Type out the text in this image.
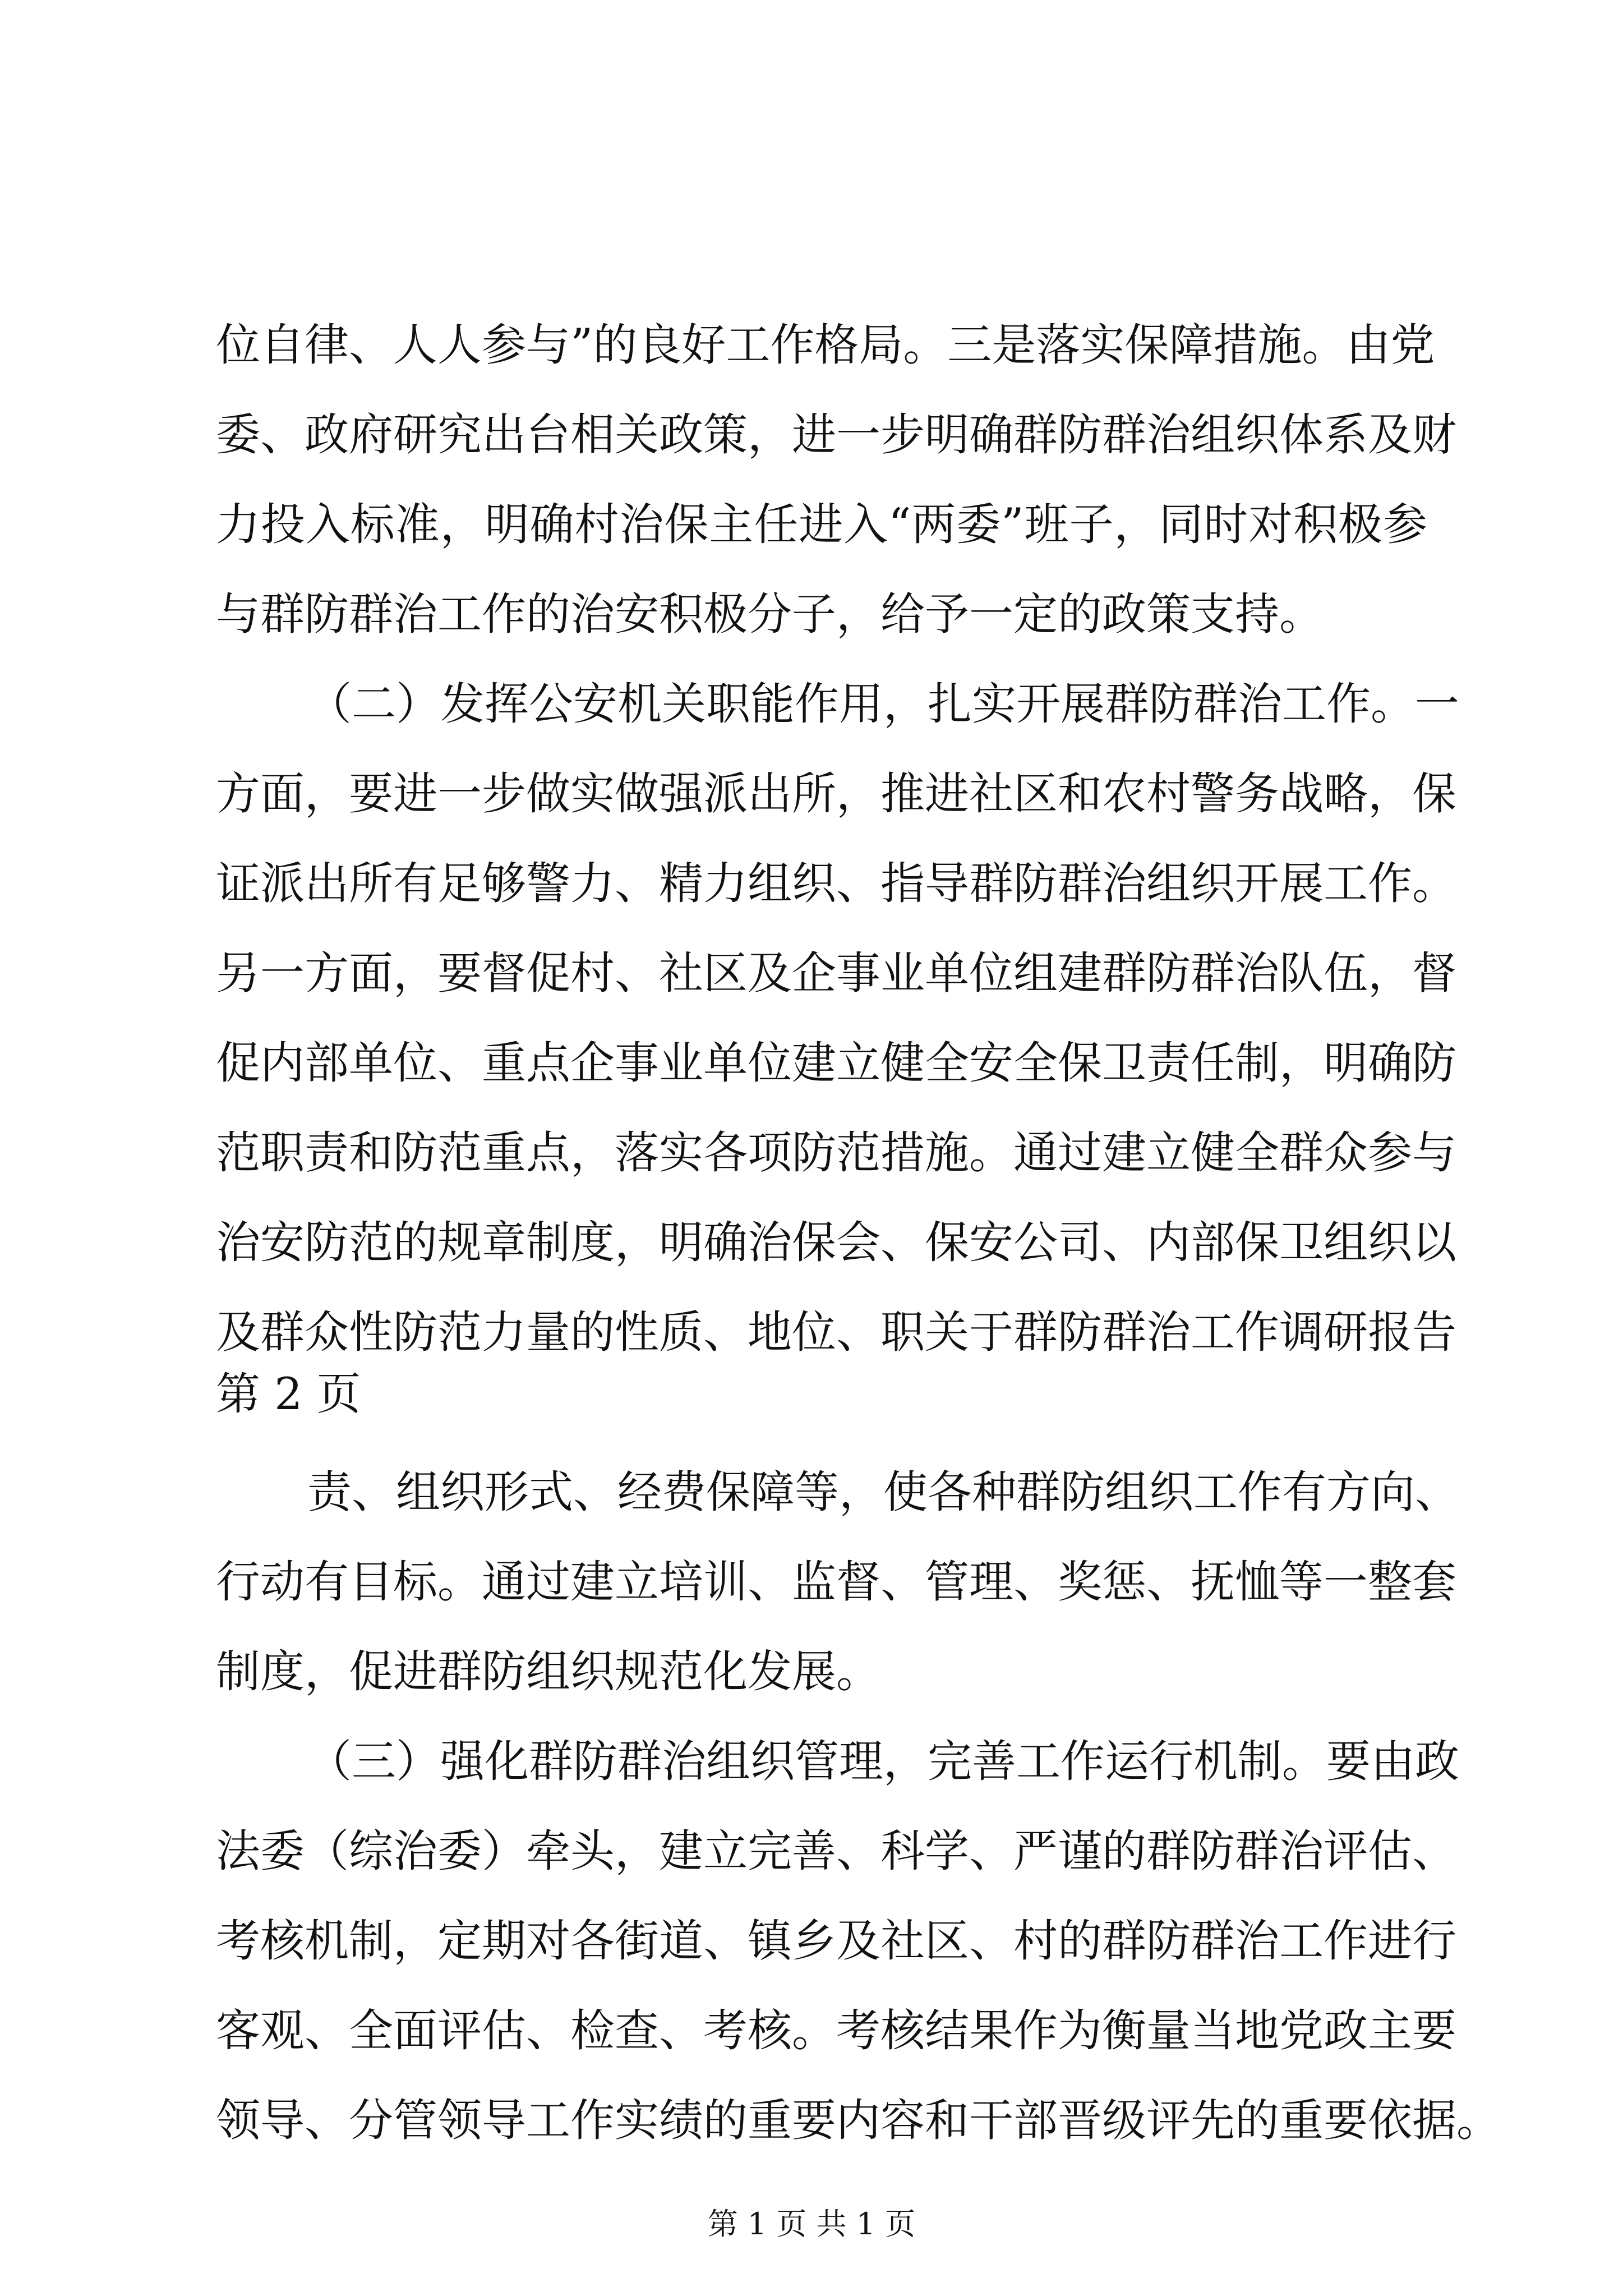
位自律、人人参与”的良好工作格局。三是落实保障措施。由党
委、政府研究出台相关政策，进一步明确群防群治组织体系及财
力投入标准，明确村治保主任进入“两委”班子，同时对积极参
与群防群治工作的治安积极分子，给予一定的政策支持。
（二）发挥公安机关职能作用，扎实开展群防群治工作。一
方面，要进一步做实做强派出所，推进社区和农村警务战略，保
证派出所有足够警力、精力组织、指导群防群治组织开展工作。
另一方面，要督促村、社区及企事业单位组建群防群治队伍，督
促内部单位、重点企事业单位建立健全安全保卫责任制，明确防
范职责和防范重点，落实各项防范措施。通过建立健全群众参与
治安防范的规章制度，明确治保会、保安公司、内部保卫组织以
及群众性防范力量的性质、地位、职关于群防群治工作调研报告
第 2 页
责、组织形式、经费保障等，使各种群防组织工作有方向、
行动有目标。通过建立培训、监督、管理、奖惩、抚恤等一整套
制度，促进群防组织规范化发展。
（三）强化群防群治组织管理，完善工作运行机制。要由政
法委（综治委）牵头，建立完善、科学、严谨的群防群治评估、
考核机制，定期对各街道、镇乡及社区、村的群防群治工作进行
客观、全面评估、检查、考核。考核结果作为衡量当地党政主要
领导、分管领导工作实绩的重要内容和干部晋级评先的重要依据。
第 1 页 共 1 页
